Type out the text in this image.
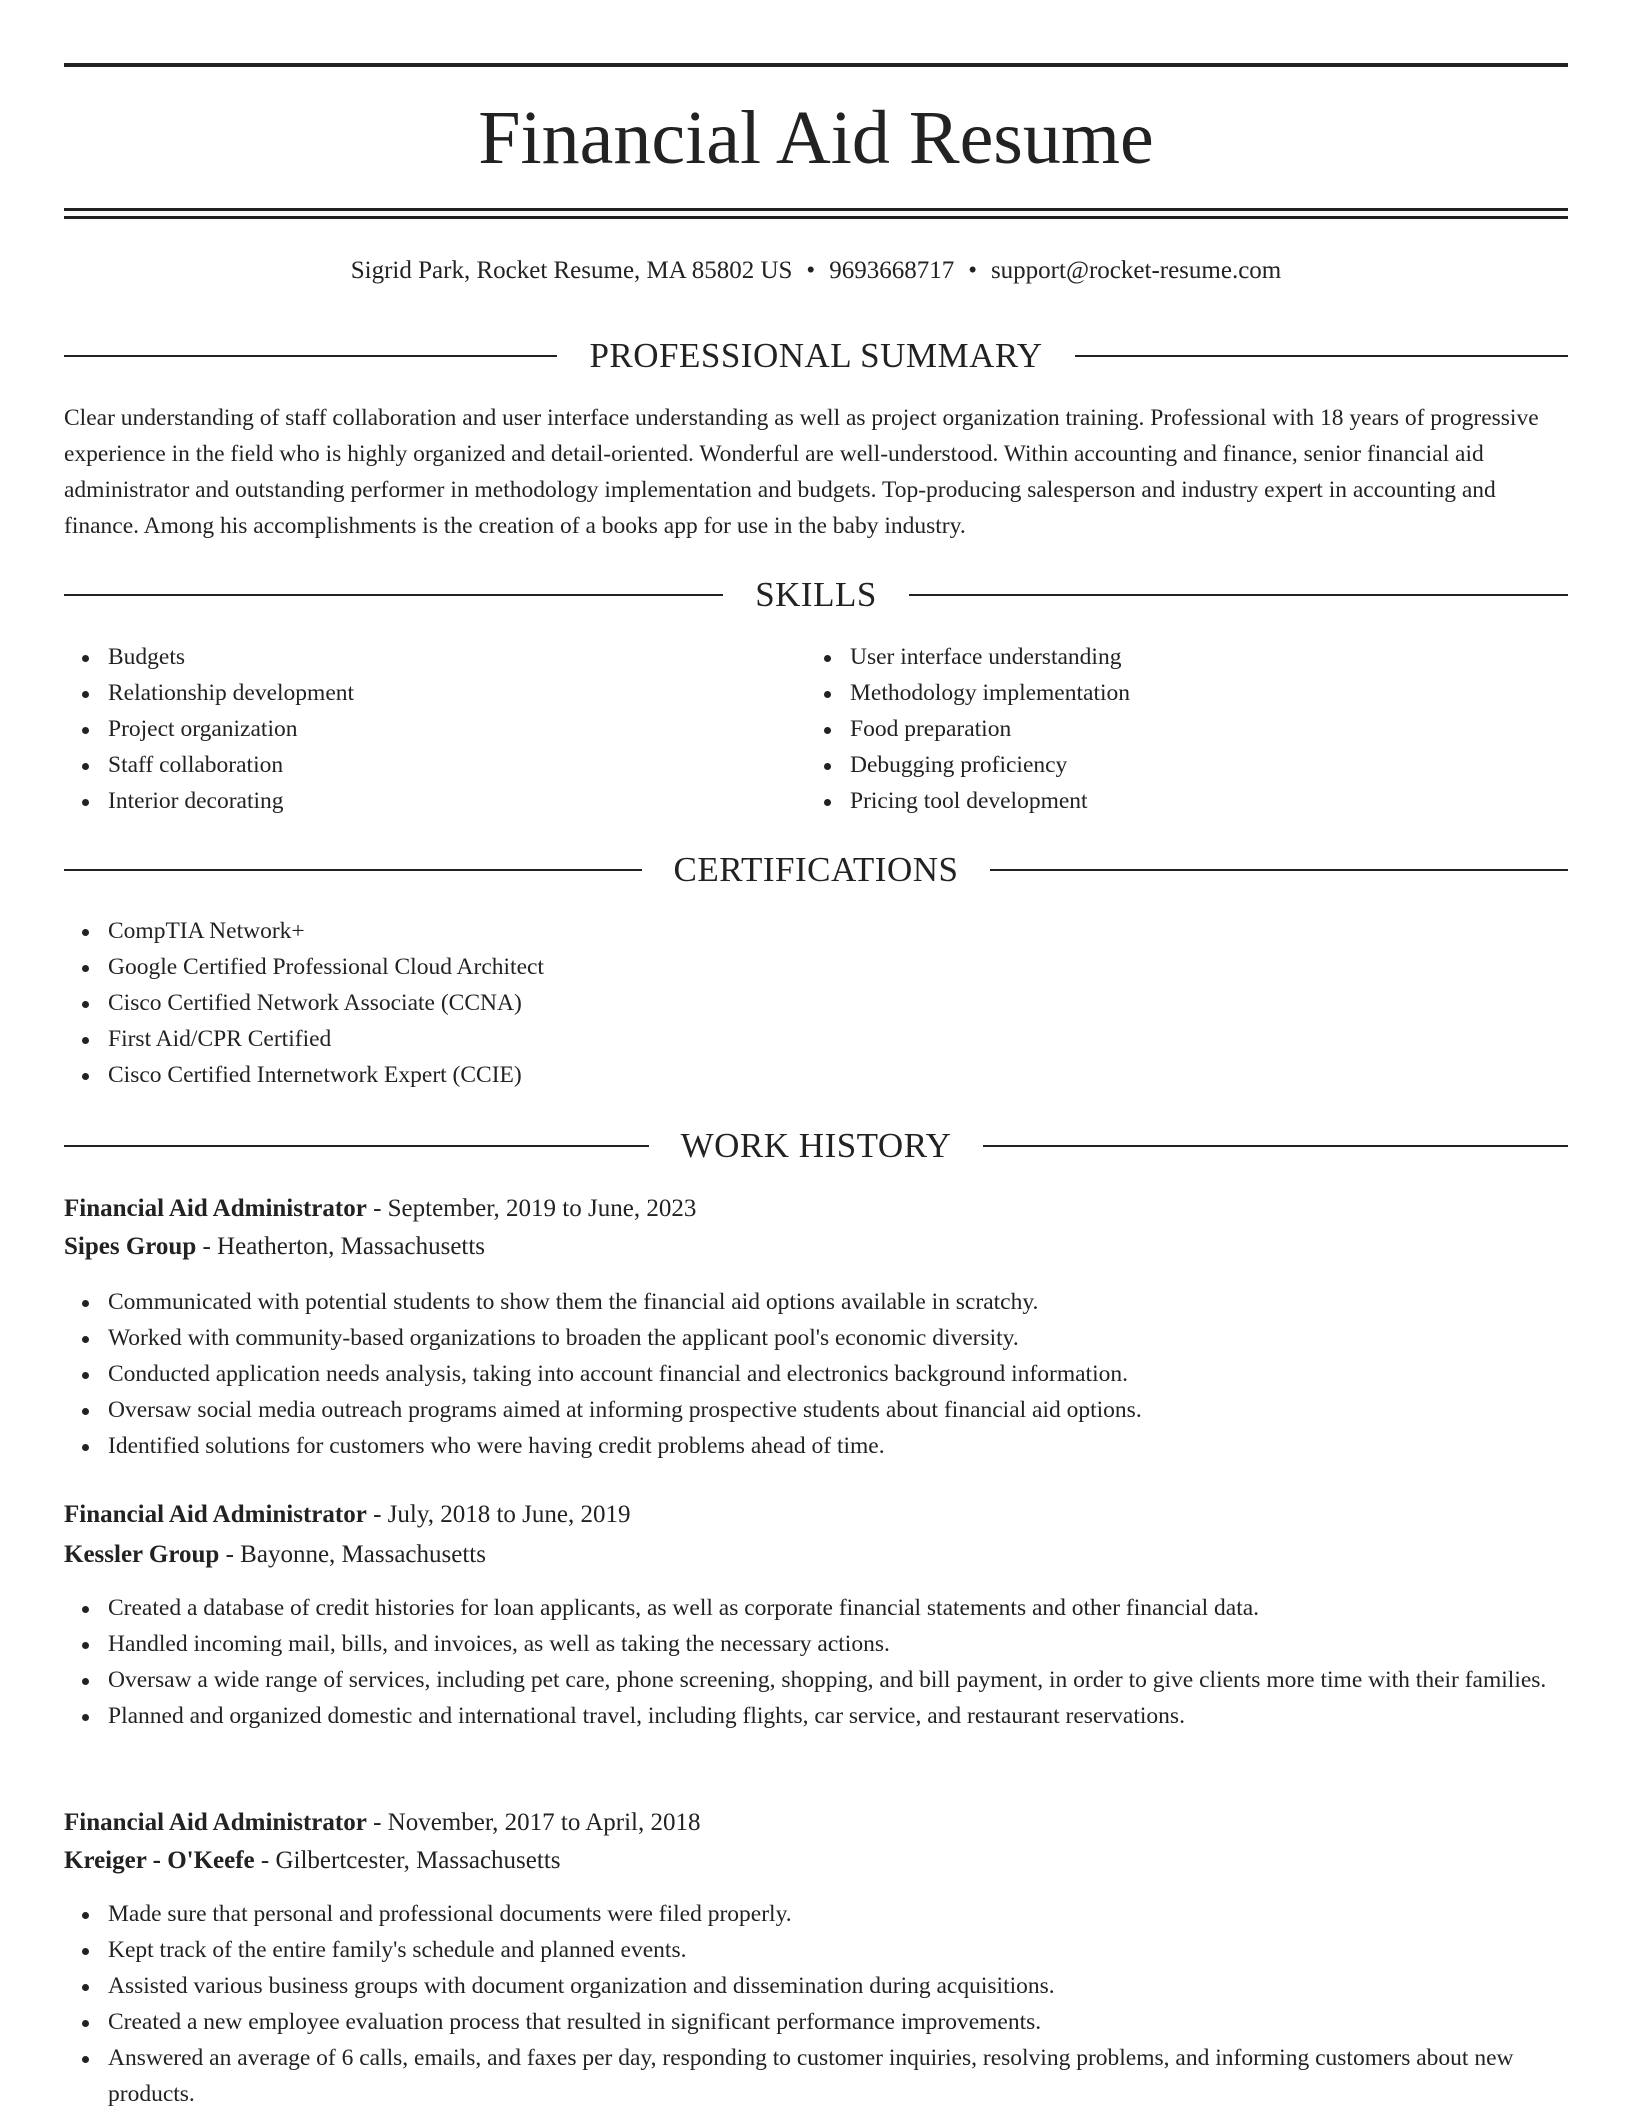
Financial Aid Resume
Sigrid Park, Rocket Resume, MA 85802 US • 9693668717 • support@rocket-resume.com
PROFESSIONAL SUMMARY

Clear understanding of staff collaboration and user interface understanding as well as project organization training. Professional with 18 years of progressive experience in the field who is highly organized and detail-oriented. Wonderful are well-understood. Within accounting and finance, senior financial aid administrator and outstanding performer in methodology implementation and budgets. Top-producing salesperson and industry expert in accounting and finance. Among his accomplishments is the creation of a books app for use in the baby industry.

SKILLS
Budgets
Relationship development
Project organization
Staff collaboration
Interior decorating
User interface understanding
Methodology implementation
Food preparation
Debugging proficiency
Pricing tool development
CERTIFICATIONS
CompTIA Network+
Google Certified Professional Cloud Architect
Cisco Certified Network Associate (CCNA)
First Aid/CPR Certified
Cisco Certified Internetwork Expert (CCIE)
WORK HISTORY

Financial Aid Administrator - September, 2019 to June, 2023

Sipes Group - Heatherton, Massachusetts

Communicated with potential students to show them the financial aid options available in scratchy.
Worked with community-based organizations to broaden the applicant pool's economic diversity.
Conducted application needs analysis, taking into account financial and electronics background information.
Oversaw social media outreach programs aimed at informing prospective students about financial aid options.
Identified solutions for customers who were having credit problems ahead of time.

Financial Aid Administrator - July, 2018 to June, 2019

Kessler Group - Bayonne, Massachusetts

Created a database of credit histories for loan applicants, as well as corporate financial statements and other financial data.
Handled incoming mail, bills, and invoices, as well as taking the necessary actions.
Oversaw a wide range of services, including pet care, phone screening, shopping, and bill payment, in order to give clients more time with their families.
Planned and organized domestic and international travel, including flights, car service, and restaurant reservations.

Financial Aid Administrator - November, 2017 to April, 2018

Kreiger - O'Keefe - Gilbertcester, Massachusetts

Made sure that personal and professional documents were filed properly.
Kept track of the entire family's schedule and planned events.
Assisted various business groups with document organization and dissemination during acquisitions.
Created a new employee evaluation process that resulted in significant performance improvements.
Answered an average of 6 calls, emails, and faxes per day, responding to customer inquiries, resolving problems, and informing customers about new products.
